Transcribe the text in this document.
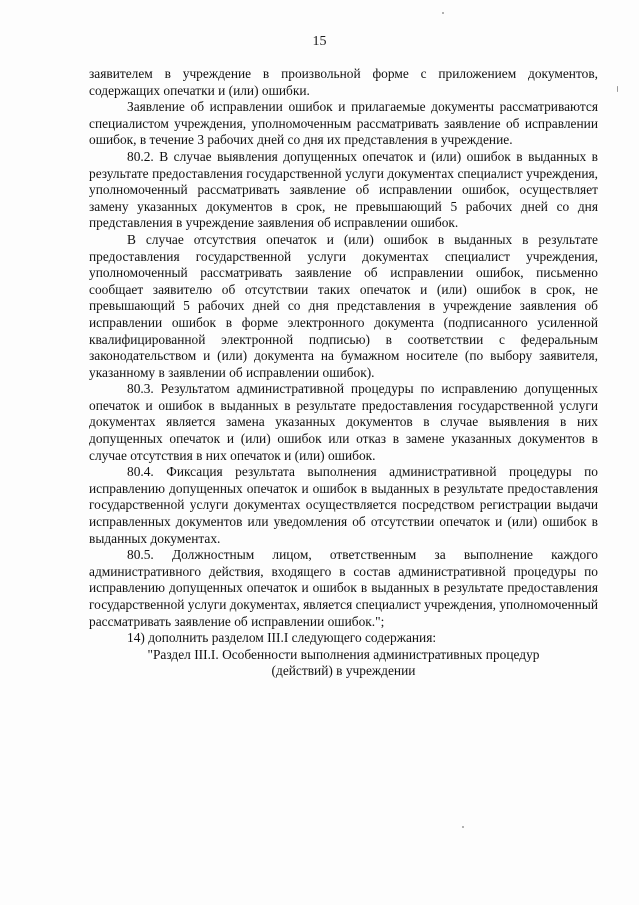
15

заявителем в учреждение в произвольной форме с приложением документов, содержащих опечатки и (или) ошибки.

Заявление об исправлении ошибок и прилагаемые документы рассматриваются специалистом учреждения, уполномоченным рассматривать заявление об исправлении ошибок, в течение 3 рабочих дней со дня их представления в учреждение.

80.2. В случае выявления допущенных опечаток и (или) ошибок в выданных в результате предоставления государственной услуги документах специалист учреждения, уполномоченный рассматривать заявление об исправлении ошибок, осуществляет замену указанных документов в срок, не превышающий 5 рабочих дней со дня представления в учреждение заявления об исправлении ошибок.

В случае отсутствия опечаток и (или) ошибок в выданных в результате предоставления государственной услуги документах специалист учреждения, уполномоченный рассматривать заявление об исправлении ошибок, письменно сообщает заявителю об отсутствии таких опечаток и (или) ошибок в срок, не превышающий 5 рабочих дней со дня представления в учреждение заявления об исправлении ошибок в форме электронного документа (подписанного усиленной квалифицированной электронной подписью) в соответствии с федеральным законодательством и (или) документа на бумажном носителе (по выбору заявителя, указанному в заявлении об исправлении ошибок).

80.3. Результатом административной процедуры по исправлению допущенных опечаток и ошибок в выданных в результате предоставления государственной услуги документах является замена указанных документов в случае выявления в них допущенных опечаток и (или) ошибок или отказ в замене указанных документов в случае отсутствия в них опечаток и (или) ошибок.

80.4. Фиксация результата выполнения административной процедуры по исправлению допущенных опечаток и ошибок в выданных в результате предоставления государственной услуги документах осуществляется посредством регистрации выдачи исправленных документов или уведомления об отсутствии опечаток и (или) ошибок в выданных документах.

80.5. Должностным лицом, ответственным за выполнение каждого административного действия, входящего в состав административной процедуры по исправлению допущенных опечаток и ошибок в выданных в результате предоставления государственной услуги документах, является специалист учреждения, уполномоченный рассматривать заявление об исправлении ошибок.";

14) дополнить разделом III.I следующего содержания:

"Раздел III.I. Особенности выполнения административных процедур

(действий) в учреждении
